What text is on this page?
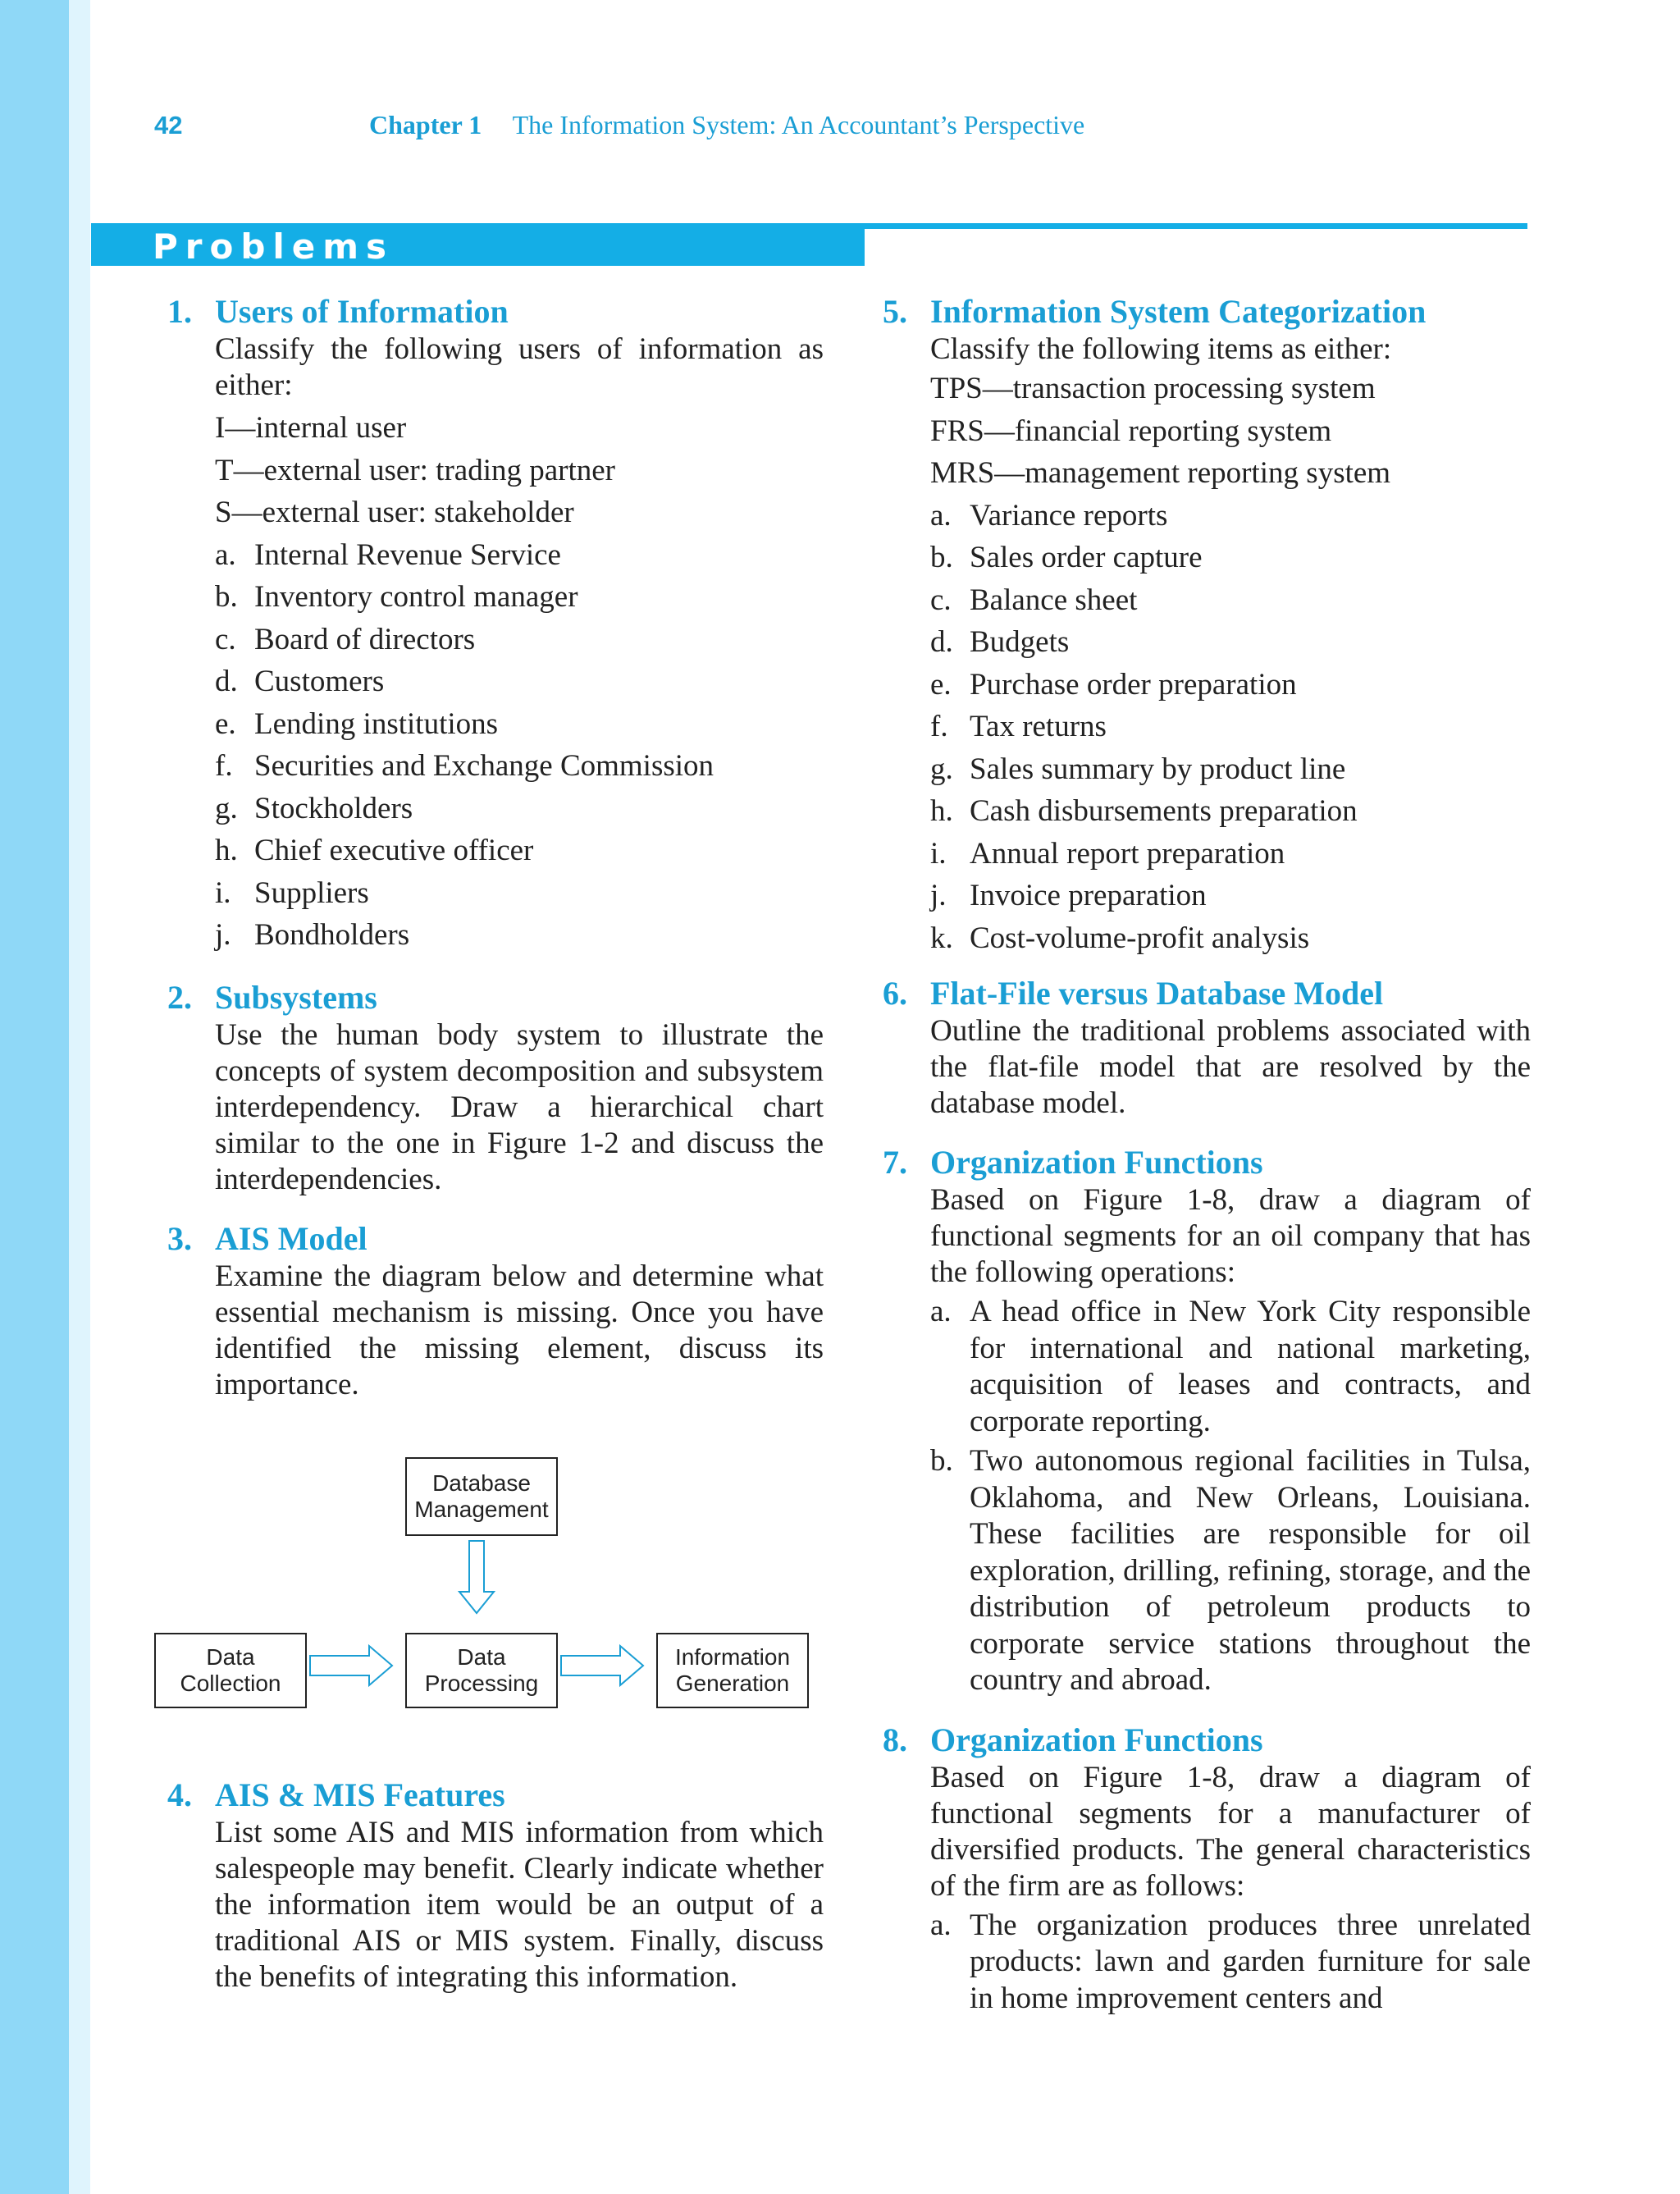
42	Chapter 1 The Information System: An Accountant’s Perspective
Problems
1. Users of Information
Classify the following users of information as either:
I—internal user
T—external user: trading partner
S—external user: stakeholder
a. Internal Revenue Service
b. Inventory control manager
c. Board of directors
d. Customers
e. Lending institutions
f. Securities and Exchange Commission
g. Stockholders
h. Chief executive officer
i. Suppliers
j. Bondholders
2. Subsystems
Use the human body system to illustrate the concepts of system decomposition and subsystem interdependency. Draw a hierarchical chart similar to the one in Figure 1-2 and discuss the interdependencies.
3. AIS Model
Examine the diagram below and determine what essential mechanism is missing. Once you have identified the missing element, discuss its importance.
Database Management
Data Collection
Data Processing
Information Generation
4. AIS & MIS Features
List some AIS and MIS information from which salespeople may benefit. Clearly indicate whether the information item would be an output of a traditional AIS or MIS system. Finally, discuss the benefits of integrating this information.
5. Information System Categorization
Classify the following items as either:
TPS—transaction processing system
FRS—financial reporting system
MRS—management reporting system
a. Variance reports
b. Sales order capture
c. Balance sheet
d. Budgets
e. Purchase order preparation
f. Tax returns
g. Sales summary by product line
h. Cash disbursements preparation
i. Annual report preparation
j. Invoice preparation
k. Cost-volume-profit analysis
6. Flat-File versus Database Model
Outline the traditional problems associated with the flat-file model that are resolved by the database model.
7. Organization Functions
Based on Figure 1-8, draw a diagram of functional segments for an oil company that has the following operations:
a. A head office in New York City responsible for international and national marketing, acquisition of leases and contracts, and corporate reporting.
b. Two autonomous regional facilities in Tulsa, Oklahoma, and New Orleans, Louisiana. These facilities are responsible for oil exploration, drilling, refining, storage, and the distribution of petroleum products to corporate service stations throughout the country and abroad.
8. Organization Functions
Based on Figure 1-8, draw a diagram of functional segments for a manufacturer of diversified products. The general characteristics of the firm are as follows:
a. The organization produces three unrelated products: lawn and garden furniture for sale in home improvement centers and
